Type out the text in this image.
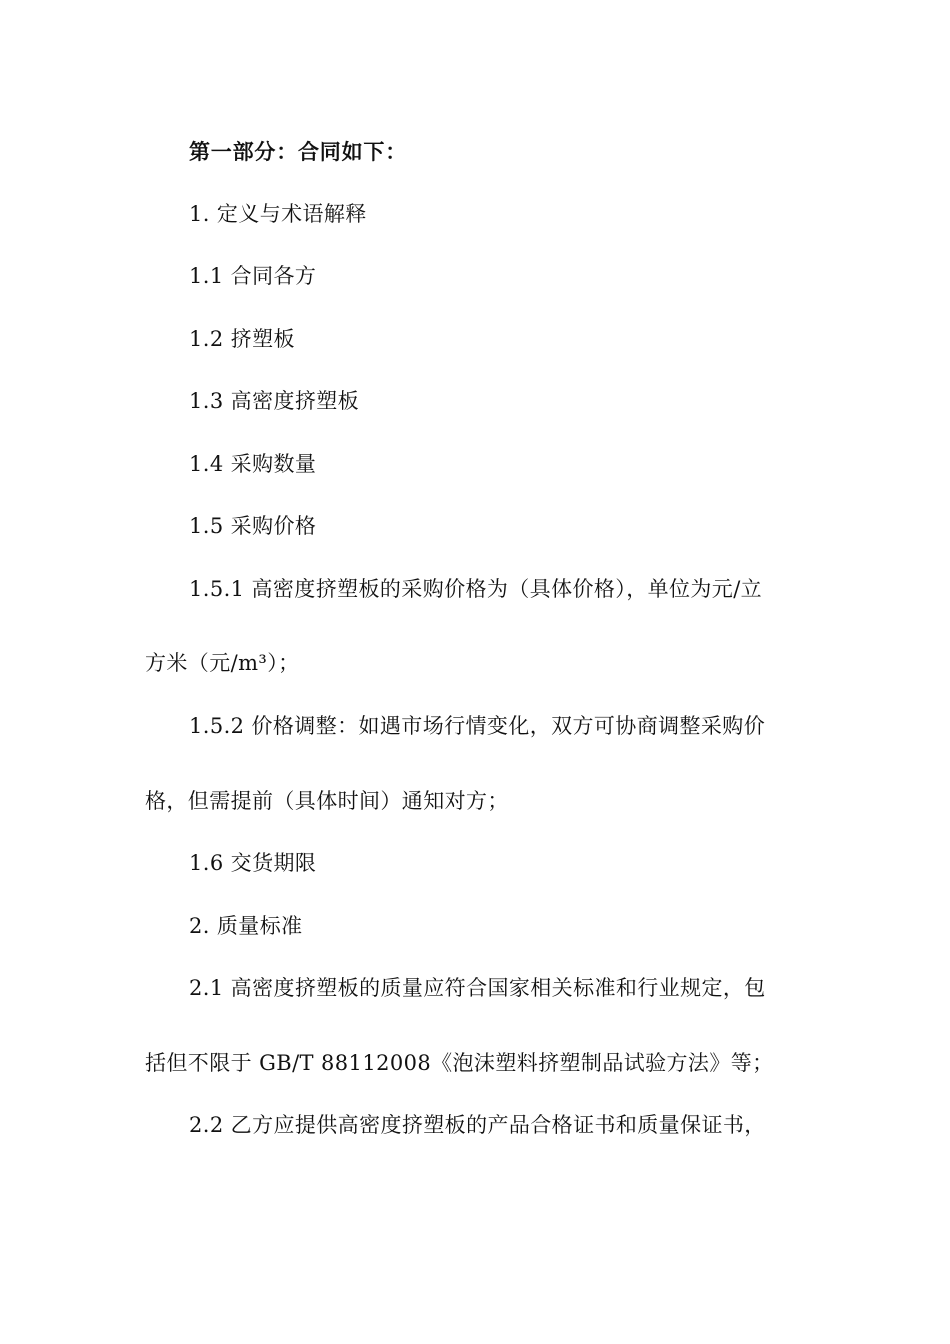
第一部分：合同如下：
1. 定义与术语解释
1.1 合同各方
1.2 挤塑板
1.3 高密度挤塑板
1.4 采购数量
1.5 采购价格
1.5.1 高密度挤塑板的采购价格为（具体价格），单位为元/立
方米（元/m³）；
1.5.2 价格调整：如遇市场行情变化，双方可协商调整采购价
格，但需提前（具体时间）通知对方；
1.6 交货期限
2. 质量标准
2.1 高密度挤塑板的质量应符合国家相关标准和行业规定，包
括但不限于 GB/T 88112008《泡沫塑料挤塑制品试验方法》等；
2.2 乙方应提供高密度挤塑板的产品合格证书和质量保证书，
